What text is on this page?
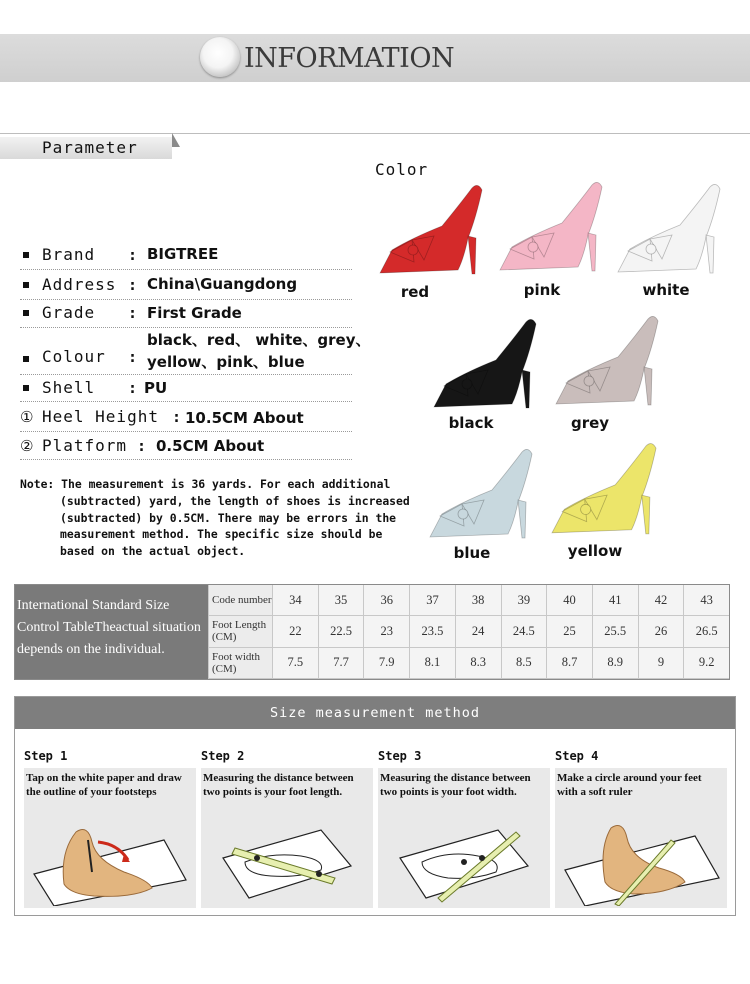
INFORMATION
Parameter
Brand : BIGTREE
Address : China\Guangdong
Grade : First Grade
Colour :
black、red、 white、grey、
yellow、pink、blue
Shell : PU
① Heel Height : 10.5CM About
② Platform : 0.5CM About
Note: The measurement is 36 yards. For each additional
(subtracted) yard, the length of shoes is increased
(subtracted) by 0.5CM. There may be errors in the
measurement method. The specific size should be
based on the actual object.
Color
red	pink	white
black	grey
blue	yellow
International Standard Size
Control TableTheactual situation
depends on the individual.
Code number	34	35	36	37	38	39	40	41	42	43
Foot Length (CM)	22	22.5	23	23.5	24	24.5	25	25.5	26	26.5
Foot width (CM)	7.5	7.7	7.9	8.1	8.3	8.5	8.7	8.9	9	9.2
Size measurement method
Step 1
Tap on the white paper and draw the outline of your footsteps
Step 2
Measuring the distance between two points is your foot length.
Step 3
Measuring the distance between two points is your foot width.
Step 4
Make a circle around your feet with a soft ruler
